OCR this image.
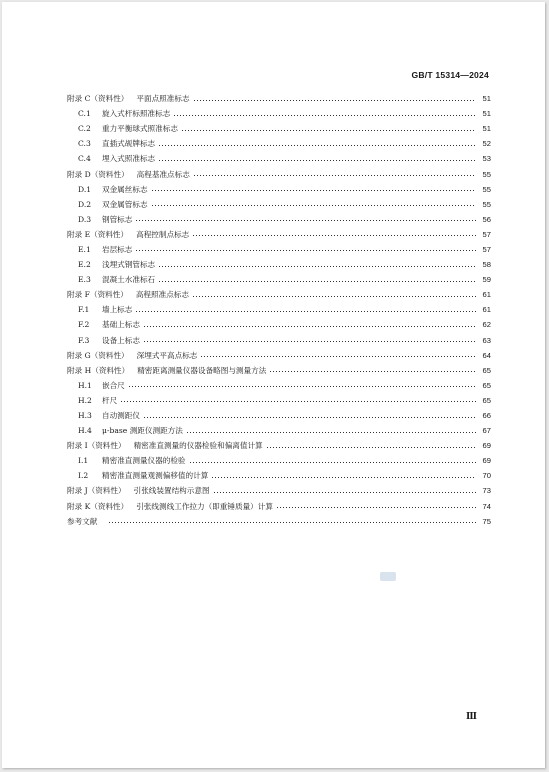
GB/T 15314—2024
附录 C（资料性） 平面点照准标志	51
C.1	旋入式杆标照准标志	51
C.2	重力平衡球式照准标志	51
C.3	直插式觇牌标志	52
C.4	埋入式照准标志	53
附录 D（资料性） 高程基准点标志	55
D.1	双金属丝标志	55
D.2	双金属管标志	55
D.3	钢管标志	56
附录 E（资料性） 高程控制点标志	57
E.1	岩层标志	57
E.2	浅埋式钢管标志	58
E.3	混凝土水准标石	59
附录 F（资料性） 高程照准点标志	61
F.1	墙上标志	61
F.2	基础上标志	62
F.3	设备上标志	63
附录 G（资料性） 深埋式平高点标志	64
附录 H（资料性） 精密距离测量仪器设备略图与测量方法	65
H.1	嵌合尺	65
H.2	杆尺	65
H.3	自动测距仪	66
H.4	μ-base 测距仪测距方法	67
附录 I（资料性） 精密准直测量的仪器检验和偏离值计算	69
I.1	精密准直测量仪器的检验	69
I.2	精密准直测量观测偏移值的计算	70
附录 J（资料性） 引张线装置结构示意图	73
附录 K（资料性） 引张线测线工作拉力（即重锤质量）计算	74
参考文献	75
Ⅲ
